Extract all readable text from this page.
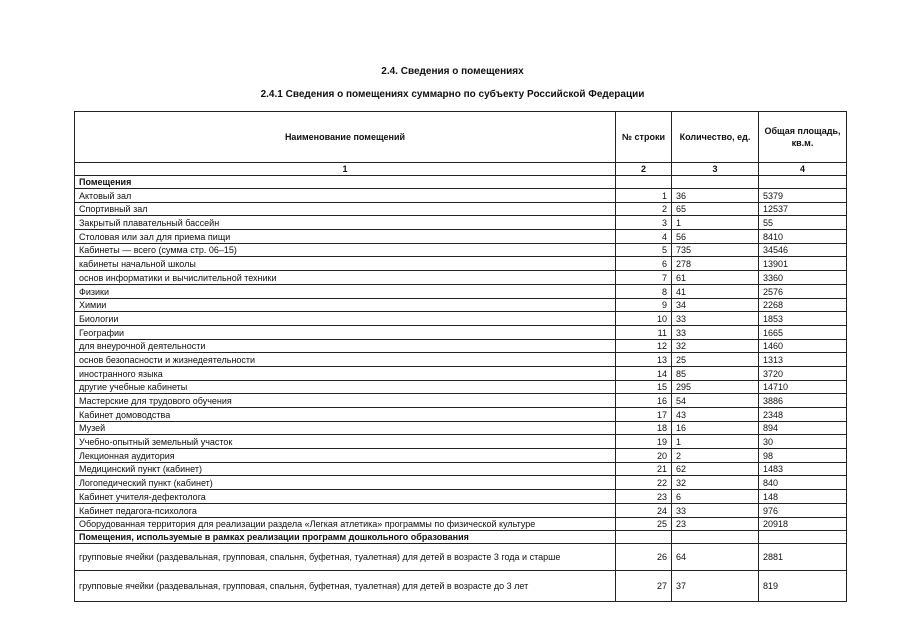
2.4. Сведения о помещениях
2.4.1 Сведения о помещениях суммарно по субъекту Российской Федерации
Наименование помещений	№ строки	Количество, ед.	Общая площадь, кв.м.
1	2	3	4
Помещения			
Актовый зал	1	36	5379
Спортивный зал	2	65	12537
Закрытый плавательный бассейн	3	1	55
Столовая или зал для приема пищи	4	56	8410
Кабинеты — всего (сумма стр. 06–15)	5	735	34546
кабинеты начальной школы	6	278	13901
основ информатики и вычислительной техники	7	61	3360
Физики	8	41	2576
Химии	9	34	2268
Биологии	10	33	1853
Географии	11	33	1665
для внеурочной деятельности	12	32	1460
основ безопасности и жизнедеятельности	13	25	1313
иностранного языка	14	85	3720
другие учебные кабинеты	15	295	14710
Мастерские для трудового обучения	16	54	3886
Кабинет домоводства	17	43	2348
Музей	18	16	894
Учебно-опытный земельный участок	19	1	30
Лекционная аудитория	20	2	98
Медицинский пункт (кабинет)	21	62	1483
Логопедический пункт (кабинет)	22	32	840
Кабинет учителя-дефектолога	23	6	148
Кабинет педагога-психолога	24	33	976
Оборудованная территория для реализации раздела «Легкая атлетика» программы по физической культуре	25	23	20918
Помещения, используемые в рамках реализации программ дошкольного образования			
групповые ячейки (раздевальная, групповая, спальня, буфетная, туалетная) для детей в возрасте 3 года и старше	26	64	2881
групповые ячейки (раздевальная, групповая, спальня, буфетная, туалетная) для детей в возрасте до 3 лет	27	37	819
